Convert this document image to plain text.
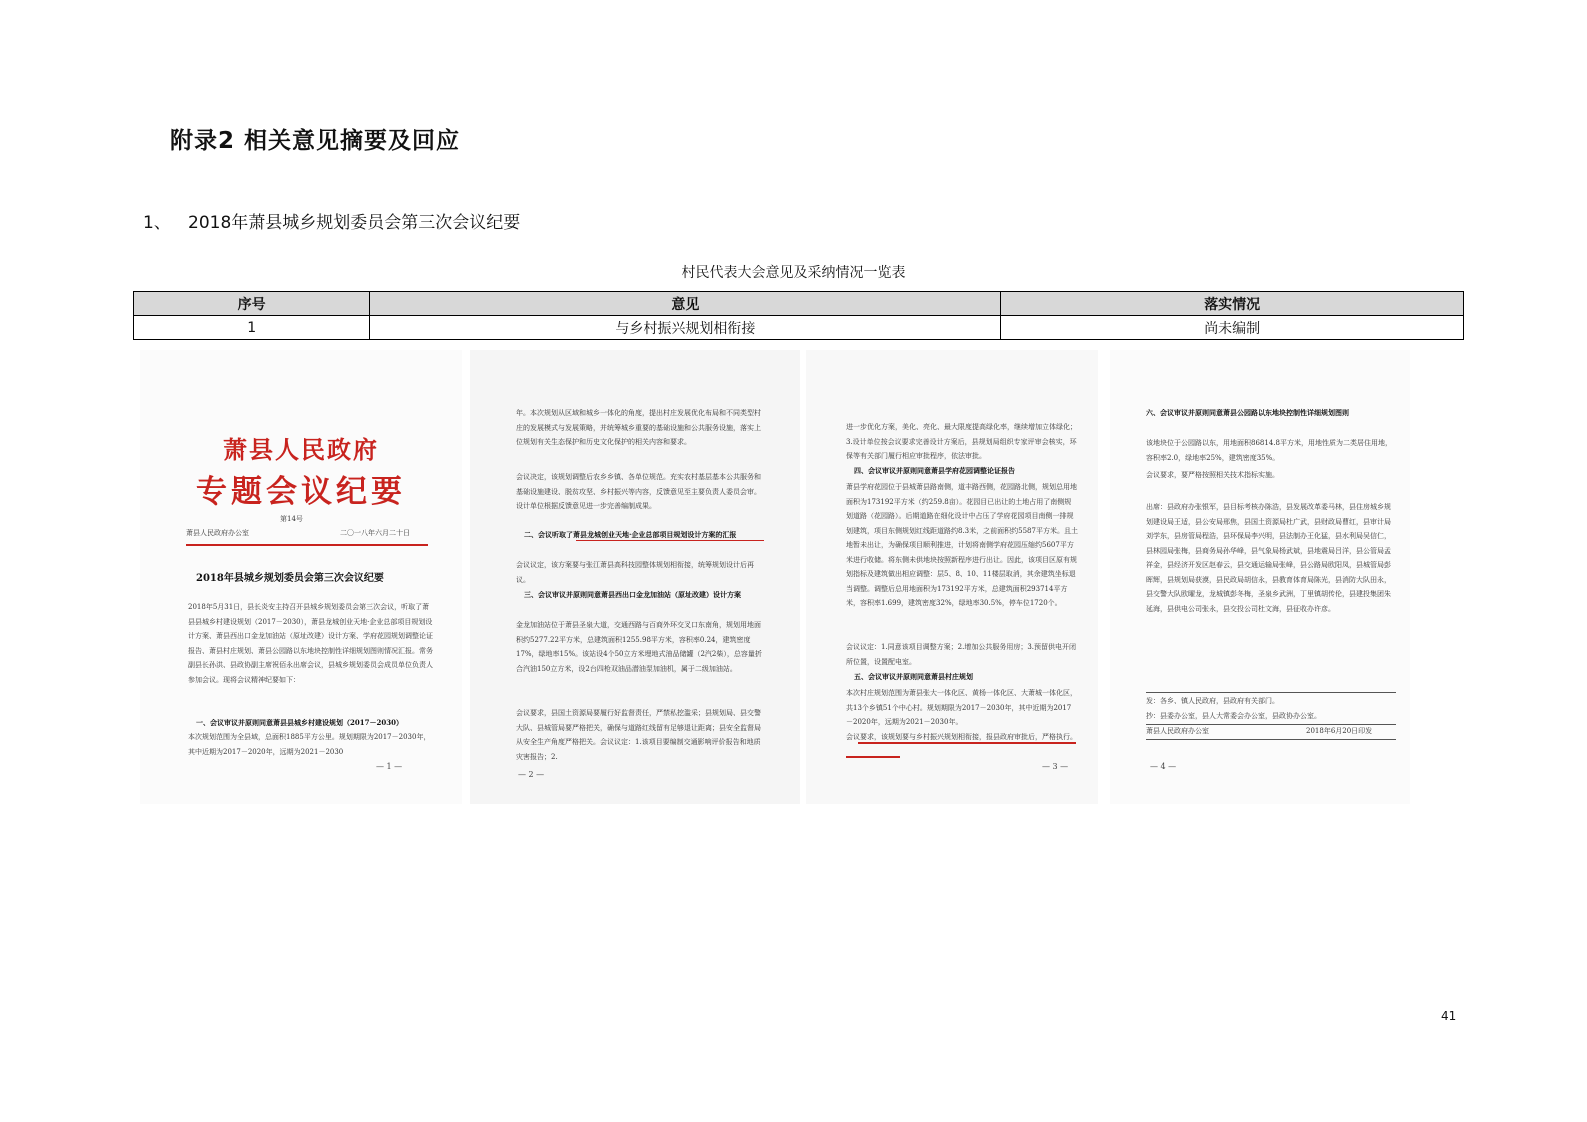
附录2 相关意见摘要及回应
1、 2018年萧县城乡规划委员会第三次会议纪要
村民代表大会意见及采纳情况一览表
序号	意见	落实情况
1	与乡村振兴规划相衔接	尚未编制
萧县人民政府
专题会议纪要
第14号
萧县人民政府办公室	二〇一八年六月二十日
2018年县城乡规划委员会第三次会议纪要
2018年5月31日，县长炎安主持召开县城乡规划委员会第三次会议，听取了萧县县城乡村建设规划（2017－2030），萧县龙城创业天地·企业总部项目规划设计方案、萧县西出口金龙加油站（原址改建）设计方案、学府花园规划调整论证报告、萧县村庄规划、萧县公园路以东地块控制性详细规划图则情况汇报。常务副县长孙洪、县政协副主席祝佰永出席会议，县城乡规划委员会成员单位负责人参加会议。现将会议精神纪要如下：
一、会议审议并原则同意萧县县城乡村建设规划（2017－2030）
本次规划范围为全县域，总面积1885平方公里。规划期限为2017－2030年，其中近期为2017－2020年，远期为2021－2030
— 1 —
年。本次规划从区域和城乡一体化的角度，提出村庄发展优化布局和不同类型村庄的发展模式与发展策略，并统筹城乡重要的基础设施和公共服务设施，落实上位规划有关生态保护和历史文化保护的相关内容和要求。
会议决定，该规划调整后农乡乡镇、各单位规范。充实农村基层基本公共服务和基础设施建设、脱贫攻坚、乡村振兴等内容，反馈意见至主要负责人委员会审。设计单位根据反馈意见进一步完善编制成果。
二、会议听取了萧县龙城创业天地·企业总部项目规划设计方案的汇报
会议议定，该方案要与张江萧县高科技园整体规划相衔接，统筹规划设计后再议。
三、会议审议并原则同意萧县西出口金龙加油站（原址改建）设计方案
金龙加油站位于萧县圣泉大道，交通西路与百商外环交叉口东南角，规划用地面积约5277.22平方米，总建筑面积1255.98平方米，容积率0.24，建筑密度17%，绿地率15%。该站设4个50立方米埋地式油品储罐（2汽2柴），总容量折合汽油150立方米，设2台四枪双油品潜油泵加油机，属于二级加油站。
会议要求，县国土资源局要履行好监督责任，严禁私挖滥采；县规划局、县交警大队、县城管局要严格把关，确保与道路红线留有足够退让距离；县安全监督局从安全生产角度严格把关。会议议定：1.该项目要编制交通影响评价报告和地质灾害报告；2.
— 2 —
进一步优化方案，美化、亮化、最大限度提高绿化率，继续增加立体绿化；3.设计单位按会议要求完善设计方案后，县规划局组织专家评审会核实，环保等有关部门履行相应审批程序，依法审批。
四、会议审议并原则同意萧县学府花园调整论证报告
萧县学府花园位于县城萧县路南侧，道丰路西侧，花园路北侧，规划总用地面积为173192平方米（约259.8亩）。花园目已出让的土地占用了南侧规划道路（花园路）。后期道路在细化设计中占压了学府花园项目南侧一排规划建筑，项目东侧规划红线距道路约8.3米，之前面积约5587平方米。且土地暂未出让，为确保项目顺利推进，计划将南侧学府花园压缩约5607平方米进行收储。将东侧未供地块按照新程序进行出让。因此，该项目区原有规划指标及建筑做出相应调整：层5、8、10、11楼层取消，其余建筑坐标退当调整。调整后总用地面积为173192平方米，总建筑面积293714平方米，容积率1.699，建筑密度32%，绿地率30.5%，停车位1720个。
会议议定：1.同意该项目调整方案；2.增加公共服务用房；3.预留供电开闭所位置，设置配电室。
五、会议审议并原则同意萧县村庄规划
本次村庄规划范围为萧县张大一体化区、黄杨一体化区、大萧城一体化区，共13个乡镇51个中心村。规划期限为2017－2030年，其中近期为2017－2020年，远期为2021－2030年。
会议要求，该规划要与乡村振兴规划相衔接，报县政府审批后，严格执行。
— 3 —
六、会议审议并原则同意萧县公园路以东地块控制性详细规划图则
该地块位于公园路以东，用地面积86814.8平方米，用地性质为二类居住用地，容积率2.0，绿地率25%，建筑密度35%。
会议要求，要严格按照相关技术指标实施。
出席：县政府办张银军，县目标考核办陈浩，县发展改革委马林，县住房城乡规划建设局王适，县公安局邢焦，县国土资源局杜广武，县财政局曹红，县审计局刘学东，县房管局程浩，县环保局李兴明，县法制办王化猛，县水利局吴信仁，县林园局张梅，县商务局孙华峰，县气象局杨武斌，县地震局吕洋，县公管局孟祥金，县经济开发区赵春云，县交通运输局张峰，县公路局欧阳凤，县城管局彭晖辉，县规划局获漠，县民政局胡信永，县教育体育局陈光，县消防大队田永，县交警大队欧曜龙，龙城镇彭冬梅，圣泉乡武洲，丁里镇胡传伦，县建投集团朱延海，县供电公司张永，县交投公司杜文海，县征收办许彦。
发：各乡、镇人民政府，县政府有关部门。
抄：县委办公室，县人大常委会办公室，县政协办公室。
萧县人民政府办公室	2018年6月20日印发
— 4 —
41
